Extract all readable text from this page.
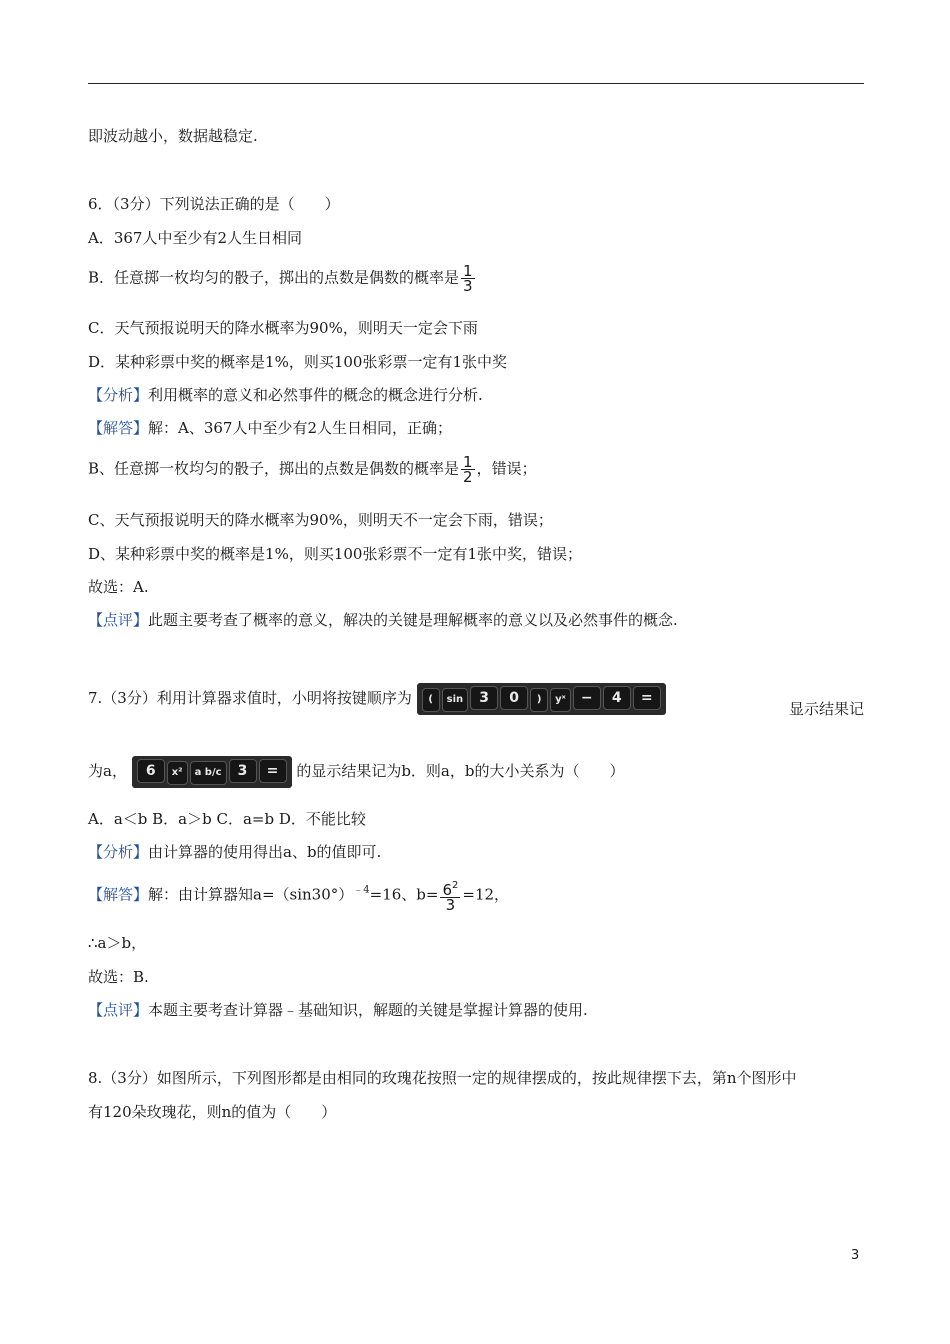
即波动越小，数据越稳定.
6．（3分）下列说法正确的是（　　）
A．367人中至少有2人生日相同
B．任意掷一枚均匀的骰子，掷出的点数是偶数的概率是 $\frac{1}{3}$
C．天气预报说明天的降水概率为90%，则明天一定会下雨
D．某种彩票中奖的概率是1%，则买100张彩票一定有1张中奖
【分析】利用概率的意义和必然事件的概念的概念进行分析.
【解答】解：A、367人中至少有2人生日相同，正确；
B、任意掷一枚均匀的骰子，掷出的点数是偶数的概率是 $\frac{1}{2}$ ，错误；
C、天气预报说明天的降水概率为90%，则明天不一定会下雨，错误；
D、某种彩票中奖的概率是1%，则买100张彩票不一定有1张中奖，错误；
故选：A.
【点评】此题主要考查了概率的意义，解决的关键是理解概率的意义以及必然事件的概念.
7.（3分）利用计算器求值时，小明将按键顺序为 ( sin 3 0 ) yˣ − 4 =
显示结果记
为a， 6 x² a b/c 3 = 的显示结果记为b．则a，b的大小关系为（　　）
A．a＜b B．a＞b C．a=b D．不能比较
【分析】由计算器的使用得出a、b的值即可.
【解答】解：由计算器知$a=(\sin 30^\circ)^{﹣4}=16$、$b= \frac{6^2}{3} =12$，
∴a＞b，
故选：B.
【点评】本题主要考查计算器﹣基础知识，解题的关键是掌握计算器的使用.
8.（3分）如图所示，下列图形都是由相同的玫瑰花按照一定的规律摆成的，按此规律摆下去，第n个图形中
有120朵玫瑰花，则n的值为（　　）
3
